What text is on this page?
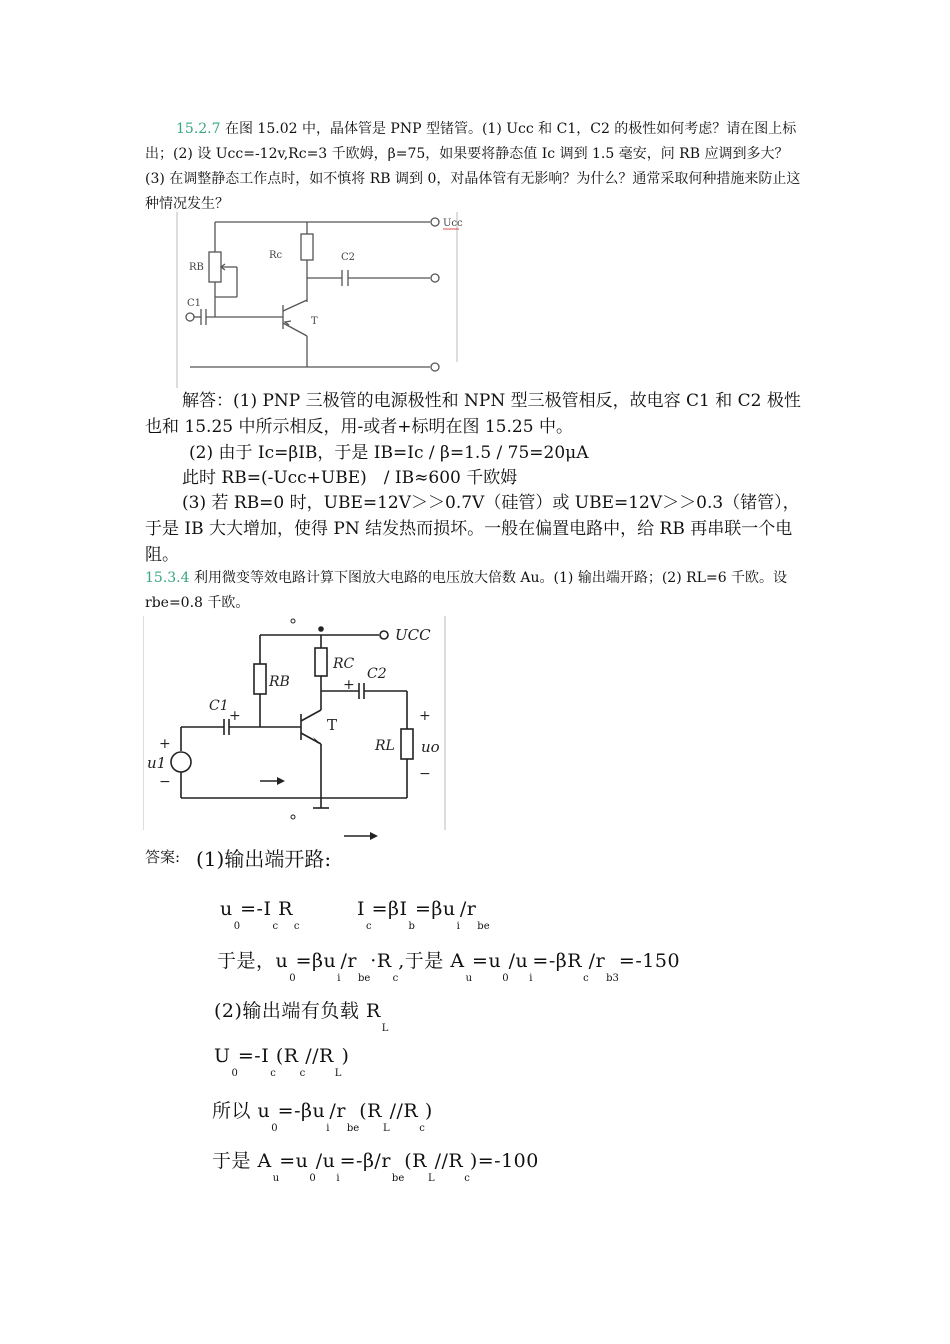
15.2.7 在图 15.02 中，晶体管是 PNP 型锗管。(1) Ucc 和 C1，C2 的极性如何考虑？请在图上标出；(2) 设 Ucc=-12v,Rc=3 千欧姆，β=75，如果要将静态值 Ic 调到 1.5 毫安，问 RB 应调到多大？ (3) 在调整静态工作点时，如不慎将 RB 调到 0，对晶体管有无影响？为什么？通常采取何种措施来防止这种情况发生？
Ucc
RB
Rc	C2
C1
T
解答：(1) PNP 三极管的电源极性和 NPN 型三极管相反，故电容 C1 和 C2 极性也和 15.25 中所示相反，用-或者+标明在图 15.25 中。
(2) 由于 Ic=βIB，于是 IB=Ic / β=1.5 / 75=20μA
此时 RB=(-Ucc+UBE)　/ IB≈600 千欧姆
(3) 若 RB=0 时，UBE=12V＞＞0.7V（硅管）或 UBE=12V＞＞0.3（锗管），于是 IB 大大增加，使得 PN 结发热而损坏。一般在偏置电路中，给 RB 再串联一个电阻。
15.3.4 利用微变等效电路计算下图放大电路的电压放大倍数 Au。(1) 输出端开路；(2) RL=6 千欧。设 rbe=0.8 千欧。
UCC
RB
RC
C2
C1
T
RL
u1
uo
+
+
+
−
+
−
答案: (1)输出端开路:
$u_0=-I_cR_c$
$I_c=\beta I_b=\beta u_i/r_{be}$
于是，$u_0=\beta u_i/r_{be}\cdot R_c$,于是 $A_u=u_0/u_i=-\beta R_c/r_{b3}=-150$
(2)输出端有负载 $R_L$
$U_0=-I_c(R_c//R_L)$
所以 $u_0=-\beta u_i/r_{be}(R_L//R_c)$
于是 $A_u=u_0/u_i=-\beta/r_{be}(R_L//R_c)=-100$
